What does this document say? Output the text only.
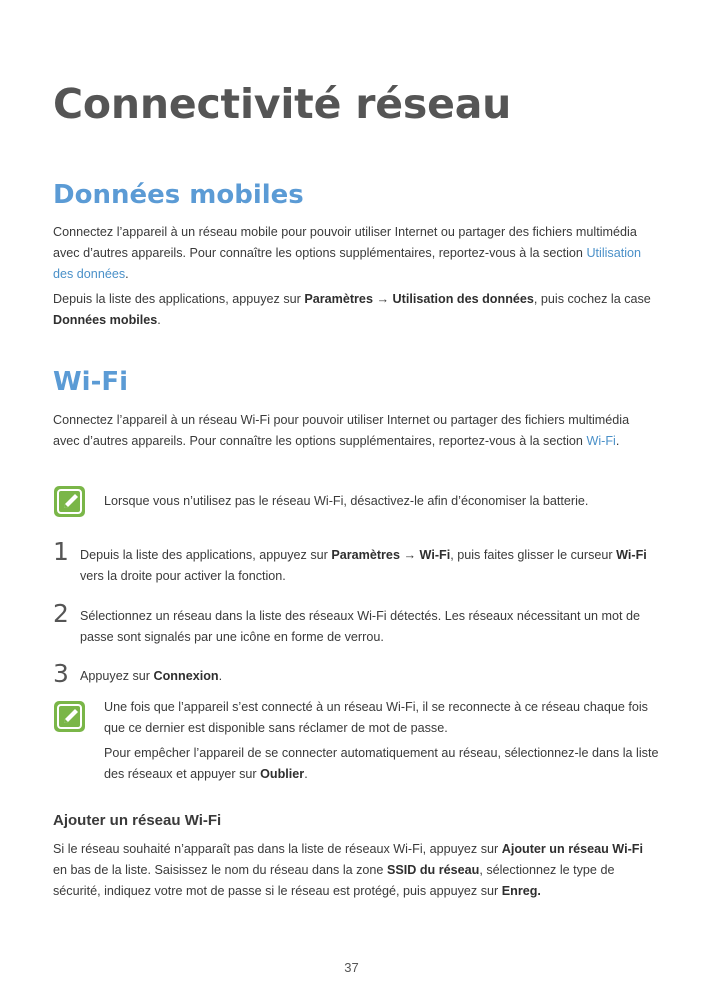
Connectivité réseau
Données mobiles

Connectez l’appareil à un réseau mobile pour pouvoir utiliser Internet ou partager des fichiers multimédia avec d’autres appareils. Pour connaître les options supplémentaires, reportez-vous à la section Utilisation des données.

Depuis la liste des applications, appuyez sur Paramètres → Utilisation des données, puis cochez la case Données mobiles.

Wi-Fi

Connectez l’appareil à un réseau Wi-Fi pour pouvoir utiliser Internet ou partager des fichiers multimédia avec d’autres appareils. Pour connaître les options supplémentaires, reportez-vous à la section Wi-Fi.

Lorsque vous n’utilisez pas le réseau Wi-Fi, désactivez-le afin d’économiser la batterie.

1 Depuis la liste des applications, appuyez sur Paramètres → Wi-Fi, puis faites glisser le curseur Wi-Fi vers la droite pour activer la fonction.

2 Sélectionnez un réseau dans la liste des réseaux Wi-Fi détectés. Les réseaux nécessitant un mot de passe sont signalés par une icône en forme de verrou.

3 Appuyez sur Connexion.

Une fois que l’appareil s’est connecté à un réseau Wi-Fi, il se reconnecte à ce réseau chaque fois que ce dernier est disponible sans réclamer de mot de passe.

Pour empêcher l’appareil de se connecter automatiquement au réseau, sélectionnez-le dans la liste des réseaux et appuyer sur Oublier.

Ajouter un réseau Wi-Fi

Si le réseau souhaité n’apparaît pas dans la liste de réseaux Wi-Fi, appuyez sur Ajouter un réseau Wi-Fi en bas de la liste. Saisissez le nom du réseau dans la zone SSID du réseau, sélectionnez le type de sécurité, indiquez votre mot de passe si le réseau est protégé, puis appuyez sur Enreg.

37
